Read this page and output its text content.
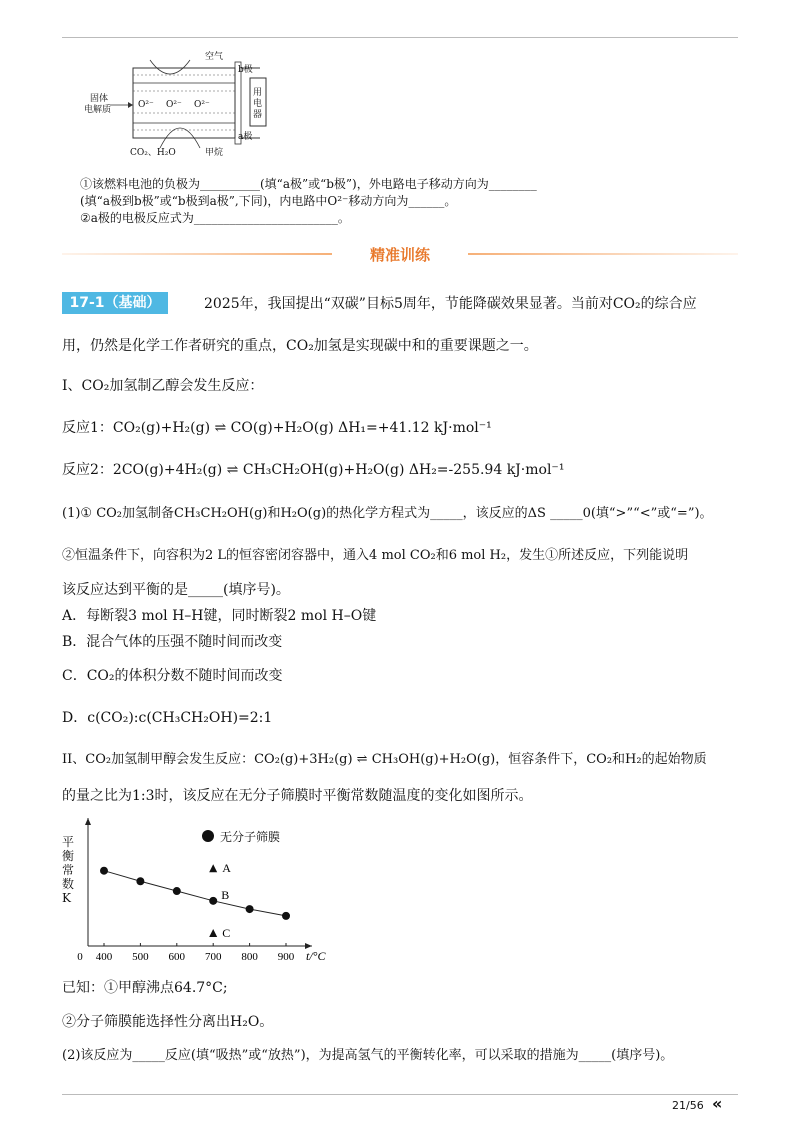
空气
b极
固体
电解质	O²⁻ O²⁻ O²⁻
用电器
a极
CO₂、H₂O	甲烷
①该燃料电池的负极为__________(填“a极”或“b极”)，外电路电子移动方向为________
(填“a极到b极”或“b极到a极”,下同)，内电路中O²⁻移动方向为______。
②a极的电极反应式为________________________。
精准训练
17-1（基础）	2025年，我国提出“双碳”目标5周年，节能降碳效果显著。当前对CO₂的综合应
用，仍然是化学工作者研究的重点，CO₂加氢是实现碳中和的重要课题之一。
I、CO₂加氢制乙醇会发生反应：
反应1：CO₂(g)+H₂(g) ⇌ CO(g)+H₂O(g) ΔH₁=+41.12 kJ·mol⁻¹
反应2：2CO(g)+4H₂(g) ⇌ CH₃CH₂OH(g)+H₂O(g) ΔH₂=-255.94 kJ·mol⁻¹
(1)① CO₂加氢制备CH₃CH₂OH(g)和H₂O(g)的热化学方程式为_____，该反应的ΔS _____0(填“>”“<”或“=”)。
②恒温条件下，向容积为2 L的恒容密闭容器中，通入4 mol CO₂和6 mol H₂，发生①所述反应，下列能说明
该反应达到平衡的是_____(填序号)。
A．每断裂3 mol H–H键，同时断裂2 mol H–O键
B．混合气体的压强不随时间而改变
C．CO₂的体积分数不随时间而改变
D．c(CO₂):c(CH₃CH₂OH)=2:1
II、CO₂加氢制甲醇会发生反应：CO₂(g)+3H₂(g) ⇌ CH₃OH(g)+H₂O(g)，恒容条件下，CO₂和H₂的起始物质
的量之比为1:3时，该反应在无分子筛膜时平衡常数随温度的变化如图所示。
0 400 500 600 700 800 900 t/°C
A
B
C
平衡常数K
无分子筛膜
已知：①甲醇沸点64.7°C;
②分子筛膜能选择性分离出H₂O。
(2)该反应为_____反应(填“吸热”或“放热”)，为提高氢气的平衡转化率，可以采取的措施为_____(填序号)。
21/56 «
